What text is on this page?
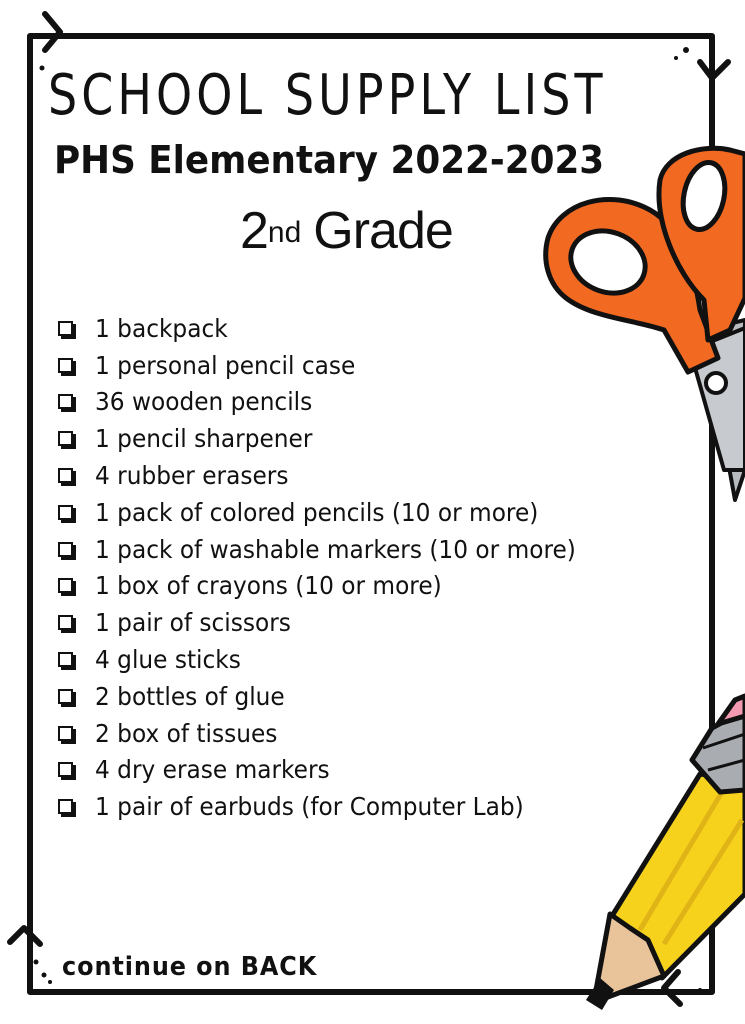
SCHOOL SUPPLY LIST
PHS Elementary 2022-2023
2nd Grade
1 backpack
1 personal pencil case
36 wooden pencils
1 pencil sharpener
4 rubber erasers
1 pack of colored pencils (10 or more)
1 pack of washable markers (10 or more)
1 box of crayons (10 or more)
1 pair of scissors
4 glue sticks
2 bottles of glue
2 box of tissues
4 dry erase markers
1 pair of earbuds (for Computer Lab)
continue on BACK
